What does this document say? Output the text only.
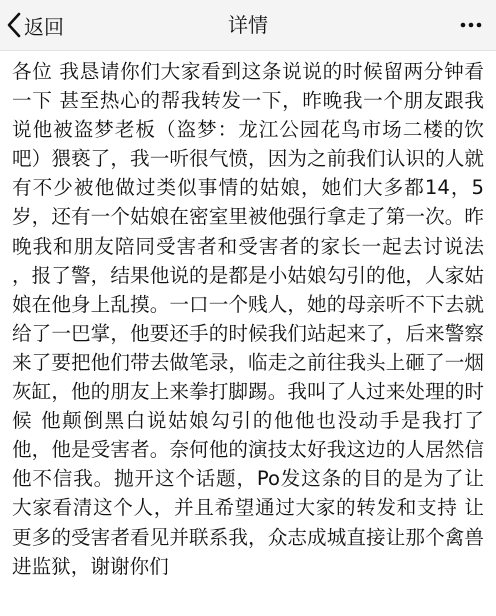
返回	详情
各位 我恳请你们大家看到这条说说的时候留两分钟看一下 甚至热心的帮我转发一下，昨晚我一个朋友跟我说他被盗梦老板（盗梦：龙江公园花鸟市场二楼的饮吧）猥亵了，我一听很气愤，因为之前我们认识的人就有不少被他做过类似事情的姑娘，她们大多都14，5岁，还有一个姑娘在密室里被他强行拿走了第一次。昨晚我和朋友陪同受害者和受害者的家长一起去讨说法 ，报了警，结果他说的是都是小姑娘勾引的他，人家姑娘在他身上乱摸。一口一个贱人，她的母亲听不下去就给了一巴掌，他要还手的时候我们站起来了，后来警察来了要把他们带去做笔录，临走之前往我头上砸了一烟灰缸，他的朋友上来拳打脚踢。我叫了人过来处理的时候 他颠倒黑白说姑娘勾引的他他也没动手是我打了他，他是受害者。奈何他的演技太好我这边的人居然信他不信我。抛开这个话题，Po发这条的目的是为了让大家看清这个人，并且希望通过大家的转发和支持 让更多的受害者看见并联系我，众志成城直接让那个禽兽进监狱，谢谢你们
